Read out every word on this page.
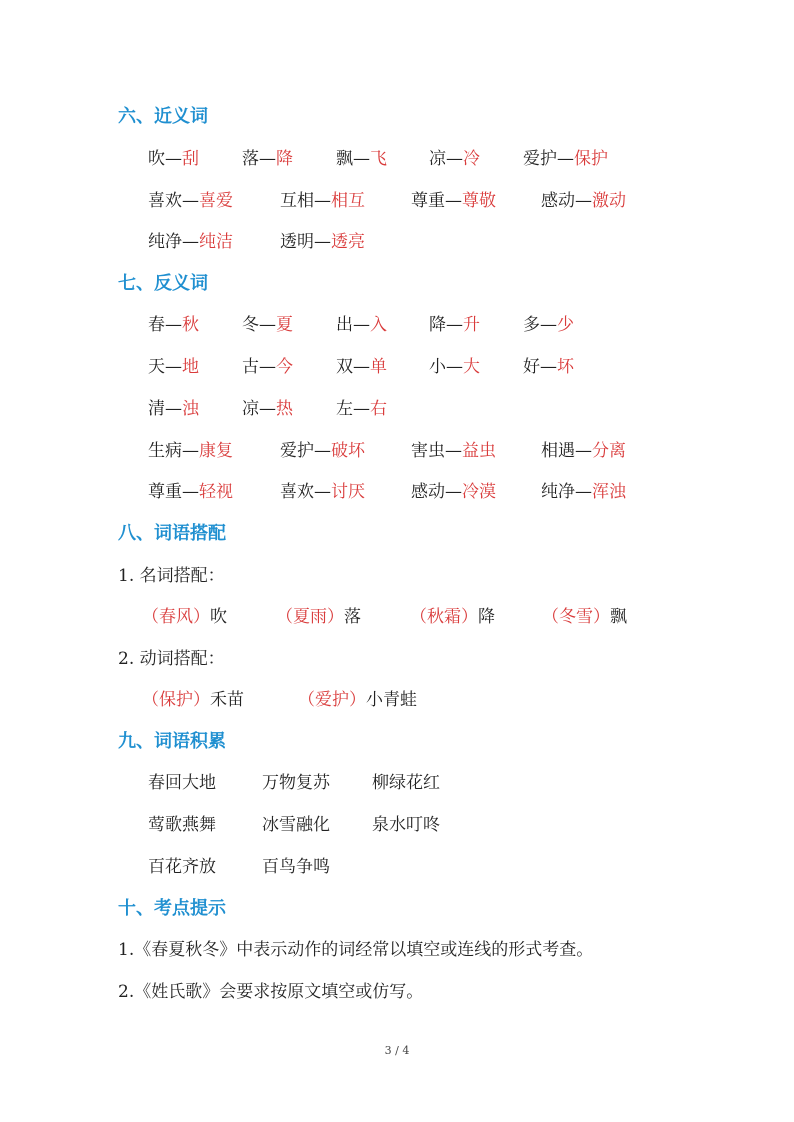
六、近义词
吹—刮	落—降	飘—飞 凉—冷	爱护—保护
喜欢—喜爱	互相—相互	尊重—尊敬	感动—激动
纯净—纯洁	透明—透亮
七、反义词
春—秋	冬—夏	出—入 降—升	多—少
天—地	古—今	双—单 小—大	好—坏
清—浊	凉—热	左—右
生病—康复	爱护—破坏	害虫—益虫	相遇—分离
尊重—轻视	喜欢—讨厌	感动—冷漠	纯净—浑浊
八、词语搭配
1. 名词搭配：
（春风）吹	（夏雨）落	（秋霜）降	（冬雪）飘
2. 动词搭配：
（保护）禾苗	（爱护）小青蛙
九、词语积累
春回大地	万物复苏 柳绿花红
莺歌燕舞	冰雪融化 泉水叮咚
百花齐放	百鸟争鸣
十、考点提示
1.《春夏秋冬》中表示动作的词经常以填空或连线的形式考查。
2.《姓氏歌》会要求按原文填空或仿写。
3 / 4
